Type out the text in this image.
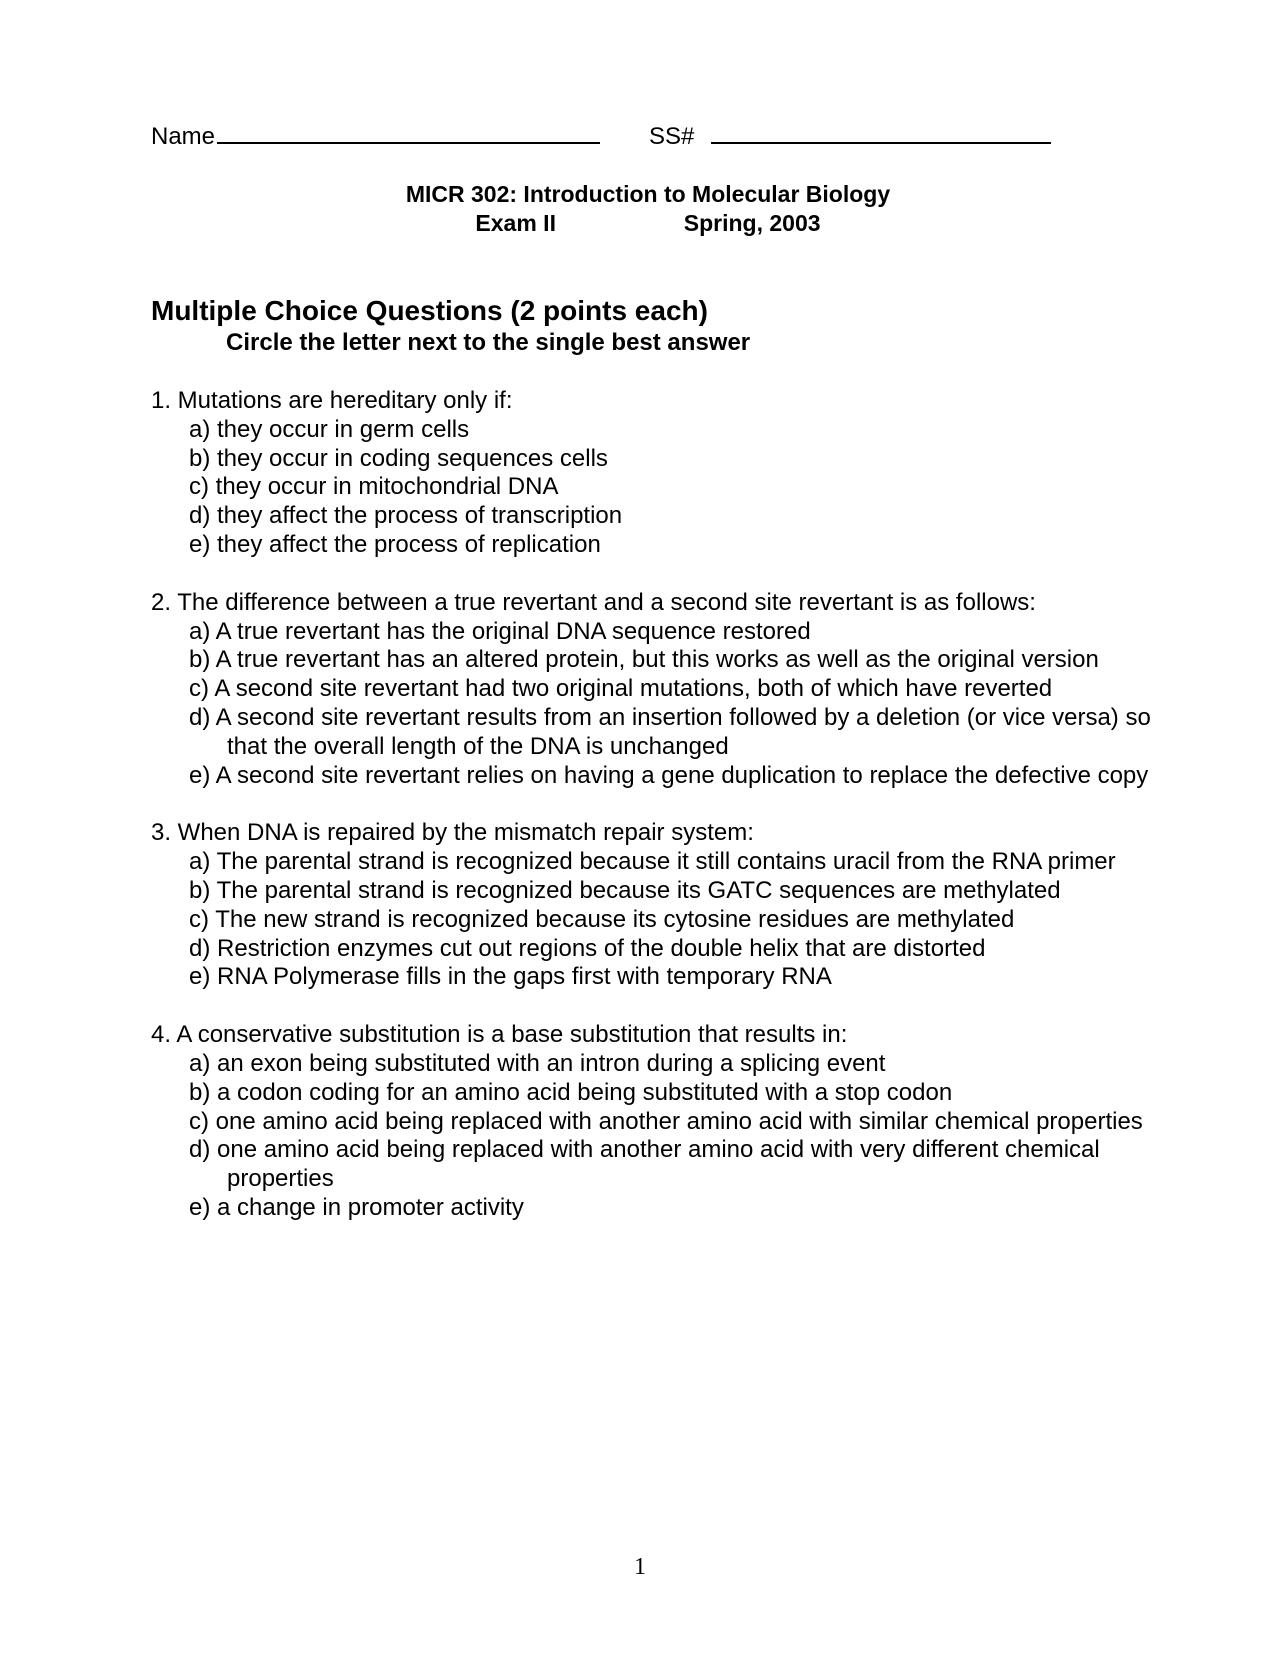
Name	SS#
MICR 302: Introduction to Molecular Biology
Exam II	Spring, 2003
Multiple Choice Questions (2 points each)
Circle the letter next to the single best answer

1. Mutations are hereditary only if:

a) they occur in germ cells
b) they occur in coding sequences cells
c) they occur in mitochondrial DNA
d) they affect the process of transcription
e) they affect the process of replication

2. The difference between a true revertant and a second site revertant is as follows:

a) A true revertant has the original DNA sequence restored
b) A true revertant has an altered protein, but this works as well as the original version
c) A second site revertant had two original mutations, both of which have reverted
d) A second site revertant results from an insertion followed by a deletion (or vice versa) so that the overall length of the DNA is unchanged
e) A second site revertant relies on having a gene duplication to replace the defective copy

3. When DNA is repaired by the mismatch repair system:

a) The parental strand is recognized because it still contains uracil from the RNA primer
b) The parental strand is recognized because its GATC sequences are methylated
c) The new strand is recognized because its cytosine residues are methylated
d) Restriction enzymes cut out regions of the double helix that are distorted
e) RNA Polymerase fills in the gaps first with temporary RNA

4. A conservative substitution is a base substitution that results in:

a) an exon being substituted with an intron during a splicing event
b) a codon coding for an amino acid being substituted with a stop codon
c) one amino acid being replaced with another amino acid with similar chemical properties
d) one amino acid being replaced with another amino acid with very different chemical properties
e) a change in promoter activity
1
